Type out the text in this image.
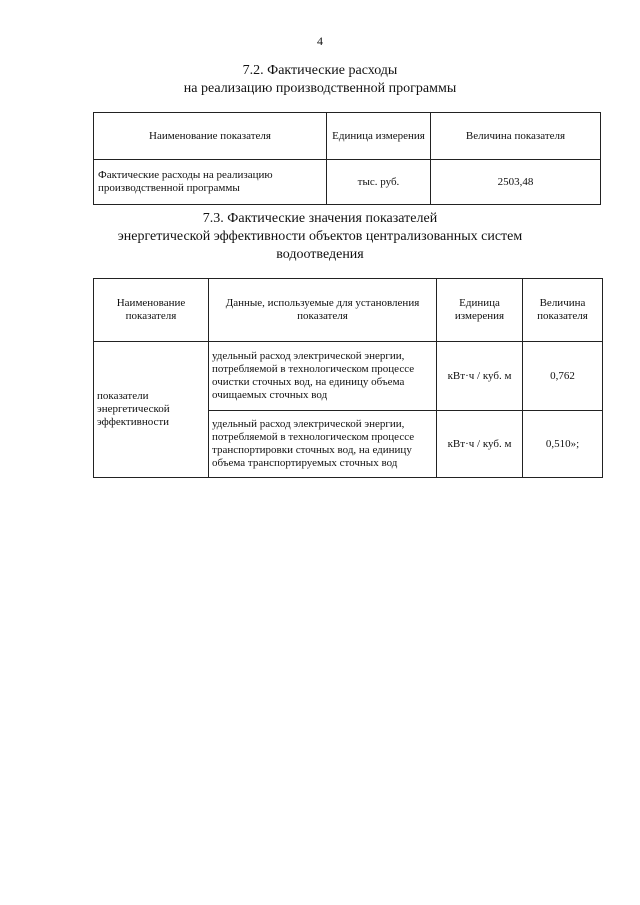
4
7.2. Фактические расходы
на реализацию производственной программы
Наименование показателя	Единица измерения	Величина показателя
Фактические расходы на реализацию производственной программы	тыс. руб.	2503,48
7.3. Фактические значения показателей
энергетической эффективности объектов централизованных систем
водоотведения
Наименование показателя	Данные, используемые для установления показателя	Единица измерения	Величина показателя
показатели энергетической эффективности	удельный расход электрической энергии, потребляемой в технологическом процессе очистки сточных вод, на единицу объема очищаемых сточных вод	кВт·ч / куб. м	0,762
	удельный расход электрической энергии, потребляемой в технологическом процессе транспортировки сточных вод, на единицу объема транспортируемых сточных вод	кВт·ч / куб. м	0,510»;
